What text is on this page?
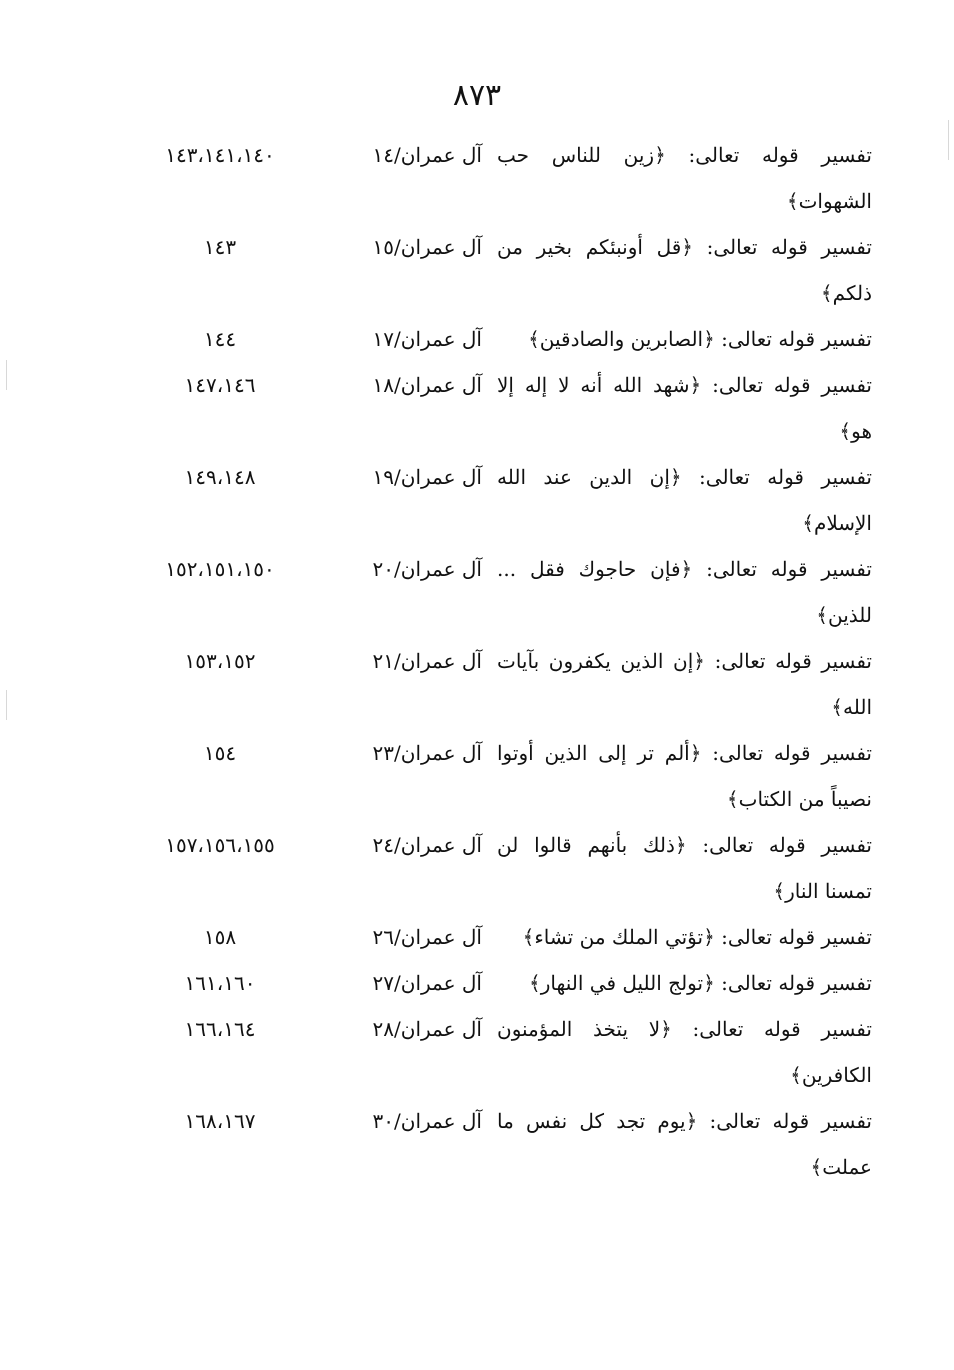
٨٧٣
تفسير قوله تعالى: ﴿زين للناس حب
آل عمران/١٤
١٤٣،١٤١،١٤٠
الشهوات﴾
تفسير قوله تعالى: ﴿قل أونبئكم بخير من
آل عمران/١٥
١٤٣
ذلكم﴾
تفسير قوله تعالى: ﴿الصابرين والصادقين﴾
آل عمران/١٧
١٤٤
تفسير قوله تعالى: ﴿شهد الله أنه لا إله إلا
آل عمران/١٨
١٤٧،١٤٦
هو﴾
تفسير قوله تعالى: ﴿إن الدين عند الله
آل عمران/١٩
١٤٩،١٤٨
الإسلام﴾
تفسير قوله تعالى: ﴿فإن حاجوك فقل ...
آل عمران/٢٠
١٥٢،١٥١،١٥٠
للذين﴾
تفسير قوله تعالى: ﴿إن الذين يكفرون بآيات
آل عمران/٢١
١٥٣،١٥٢
الله﴾
تفسير قوله تعالى: ﴿ألم تر إلى الذين أوتوا
آل عمران/٢٣
١٥٤
نصيباً من الكتاب﴾
تفسير قوله تعالى: ﴿ذلك بأنهم قالوا لن
آل عمران/٢٤
١٥٧،١٥٦،١٥٥
تمسنا النار﴾
تفسير قوله تعالى: ﴿تؤتي الملك من تشاء﴾
آل عمران/٢٦
١٥٨
تفسير قوله تعالى: ﴿تولج الليل في النهار﴾
آل عمران/٢٧
١٦١،١٦٠
تفسير قوله تعالى: ﴿لا يتخذ المؤمنون
آل عمران/٢٨
١٦٦،١٦٤
الكافرين﴾
تفسير قوله تعالى: ﴿يوم تجد كل نفس ما
آل عمران/٣٠
١٦٨،١٦٧
عملت﴾
